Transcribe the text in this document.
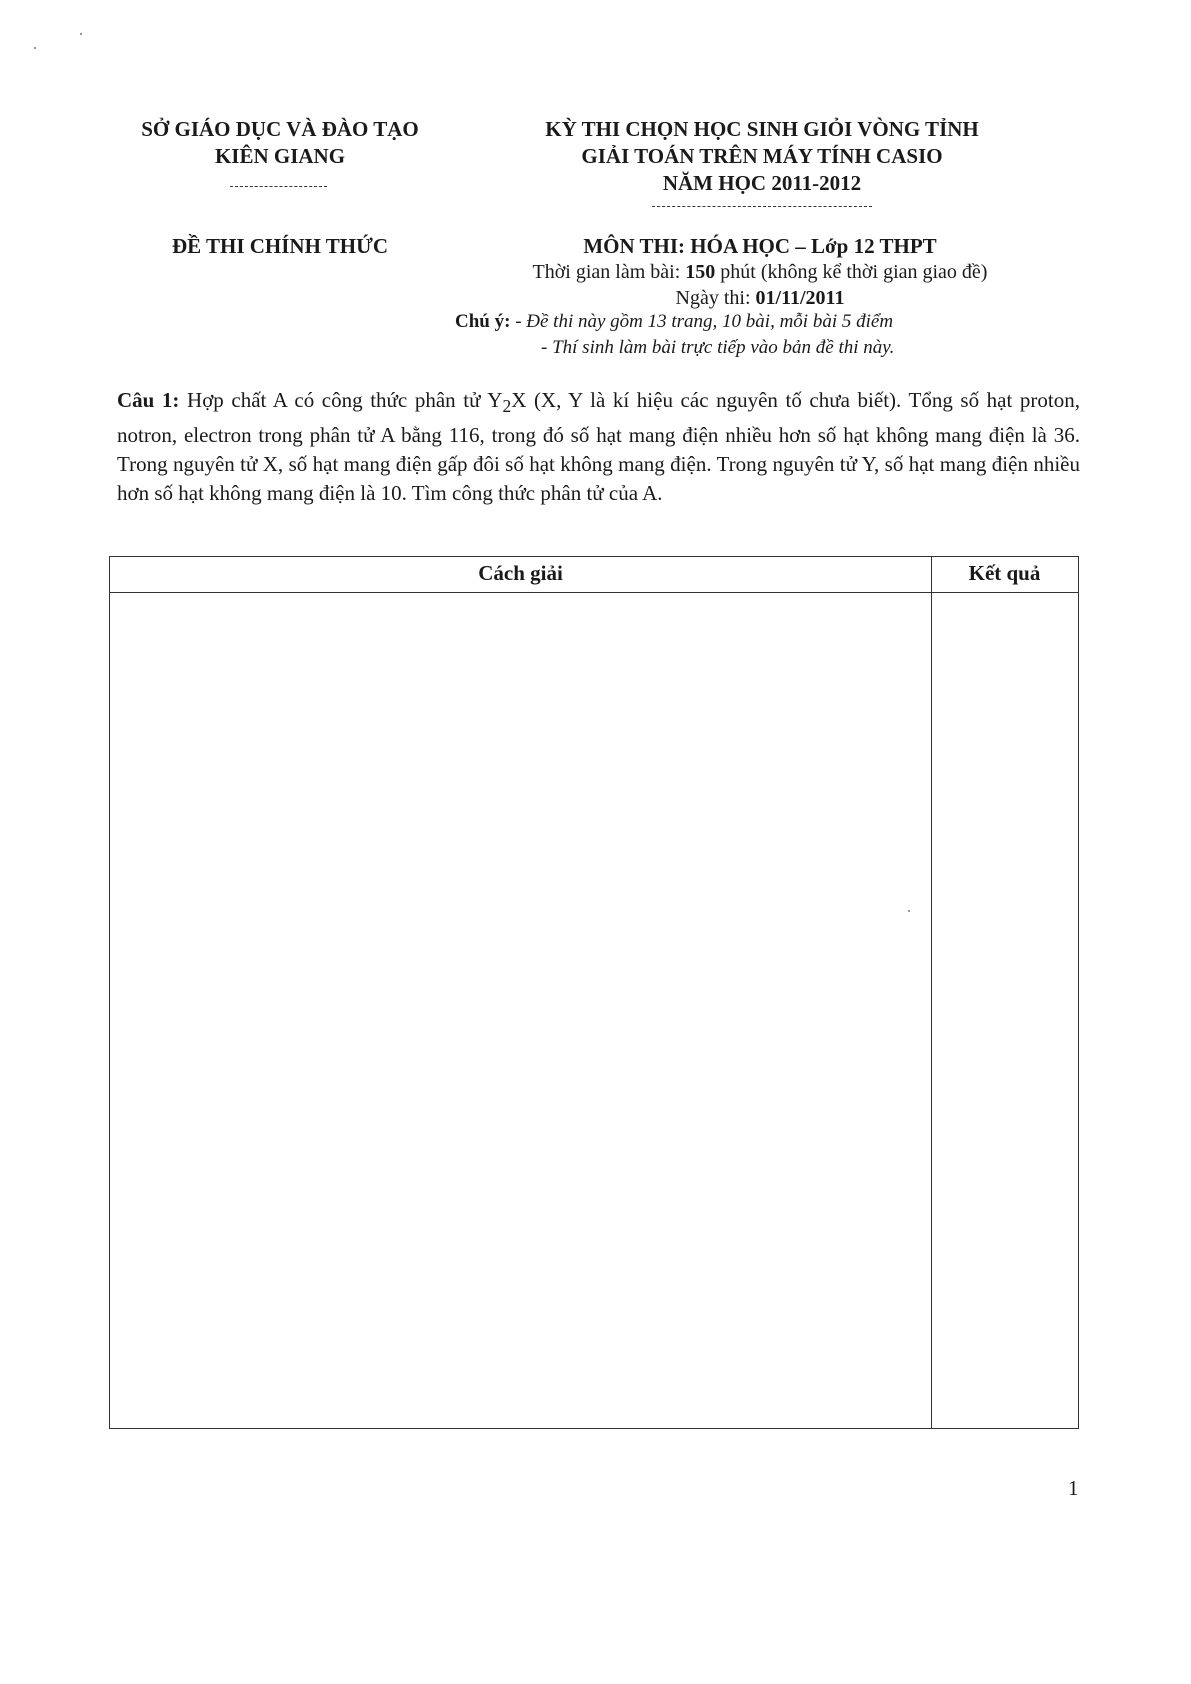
SỞ GIÁO DỤC VÀ ĐÀO TẠO
KIÊN GIANG
ĐỀ THI CHÍNH THỨC
KỲ THI CHỌN HỌC SINH GIỎI VÒNG TỈNH
GIẢI TOÁN TRÊN MÁY TÍNH CASIO
NĂM HỌC 2011-2012
MÔN THI: HÓA HỌC – Lớp 12 THPT
Thời gian làm bài: 150 phút (không kể thời gian giao đề)
Ngày thi: 01/11/2011
Chú ý: - Đề thi này gồm 13 trang, 10 bài, mỗi bài 5 điểm
- Thí sinh làm bài trực tiếp vào bản đề thi này.
Câu 1: Hợp chất A có công thức phân tử $Y_2X$ (X, Y là kí hiệu các nguyên tố chưa biết). Tổng số hạt proton, notron, electron trong phân tử A bằng 116, trong đó số hạt mang điện nhiều hơn số hạt không mang điện là 36. Trong nguyên tử X, số hạt mang điện gấp đôi số hạt không mang điện. Trong nguyên tử Y, số hạt mang điện nhiều hơn số hạt không mang điện là 10. Tìm công thức phân tử của A.
Cách giải	Kết quả
1
